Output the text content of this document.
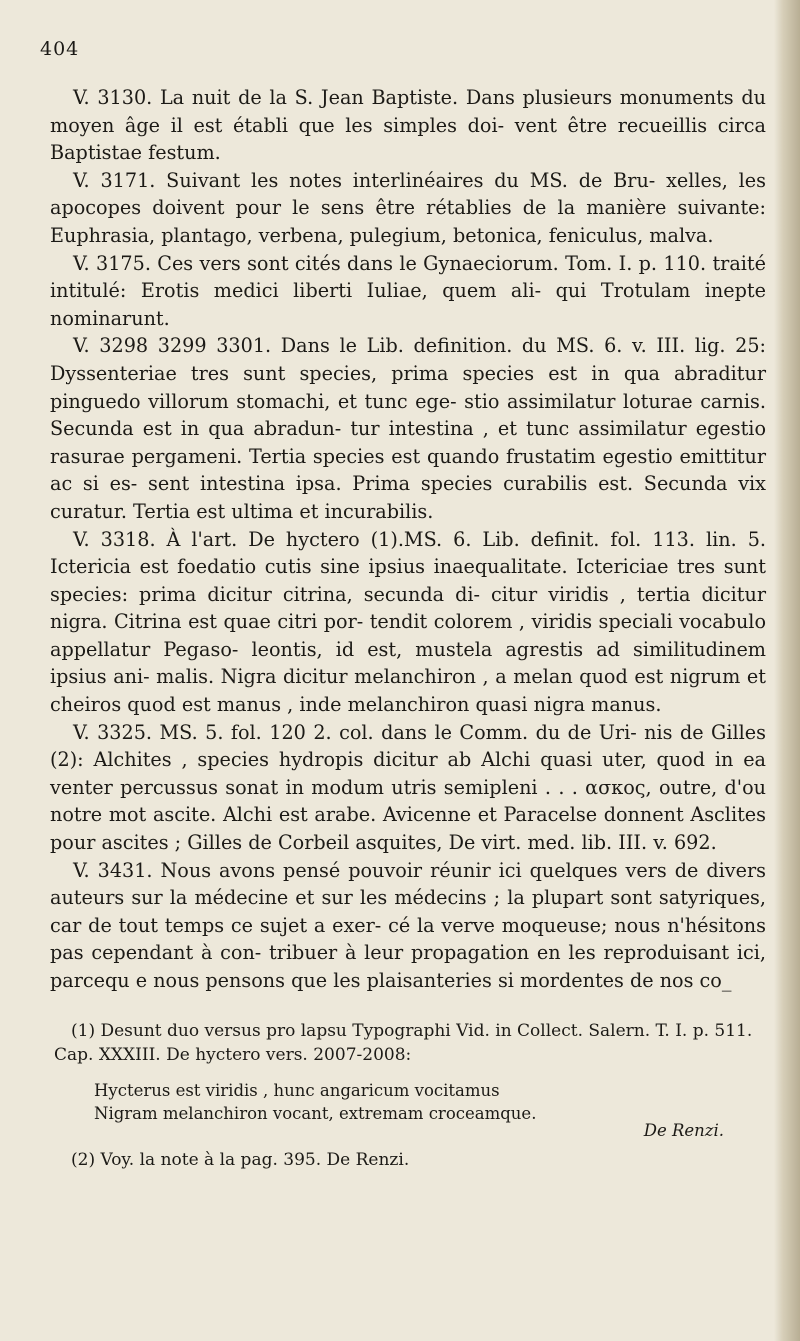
404

V. 3130. La nuit de la S. Jean Baptiste. Dans plusieurs monuments du moyen âge il est établi que les simples doi- vent être recueillis circa Baptistae festum.

V. 3171. Suivant les notes interlinéaires du MS. de Bru- xelles, les apocopes doivent pour le sens être rétablies de la manière suivante: Euphrasia, plantago, verbena, pulegium, betonica, feniculus, malva.

V. 3175. Ces vers sont cités dans le Gynaeciorum. Tom. I. p. 110. traité intitulé: Erotis medici liberti Iuliae, quem ali- qui Trotulam inepte nominarunt.

V. 3298 3299 3301. Dans le Lib. definition. du MS. 6. v. III. lig. 25: Dyssenteriae tres sunt species, prima species est in qua abraditur pinguedo villorum stomachi, et tunc ege- stio assimilatur loturae carnis. Secunda est in qua abradun- tur intestina , et tunc assimilatur egestio rasurae pergameni. Tertia species est quando frustatim egestio emittitur ac si es- sent intestina ipsa. Prima species curabilis est. Secunda vix curatur. Tertia est ultima et incurabilis.

V. 3318. À l'art. De hyctero (1).MS. 6. Lib. definit. fol. 113. lin. 5. Ictericia est foedatio cutis sine ipsius inaequalitate. Ictericiae tres sunt species: prima dicitur citrina, secunda di- citur viridis , tertia dicitur nigra. Citrina est quae citri por- tendit colorem , viridis speciali vocabulo appellatur Pegaso- leontis, id est, mustela agrestis ad similitudinem ipsius ani- malis. Nigra dicitur melanchiron , a melan quod est nigrum et cheiros quod est manus , inde melanchiron quasi nigra manus.

V. 3325. MS. 5. fol. 120 2. col. dans le Comm. du de Uri- nis de Gilles (2): Alchites , species hydropis dicitur ab Alchi quasi uter, quod in ea venter percussus sonat in modum utris semipleni . . . ασκος, outre, d'ou notre mot ascite. Alchi est arabe. Avicenne et Paracelse donnent Asclites pour ascites ; Gilles de Corbeil asquites, De virt. med. lib. III. v. 692.

V. 3431. Nous avons pensé pouvoir réunir ici quelques vers de divers auteurs sur la médecine et sur les médecins ; la plupart sont satyriques, car de tout temps ce sujet a exer- cé la verve moqueuse; nous n'hésitons pas cependant à con- tribuer à leur propagation en les reproduisant ici, parcequ e nous pensons que les plaisanteries si mordentes de nos co_

(1) Desunt duo versus pro lapsu Typographi Vid. in Collect. Salern. T. I. p. 511. Cap. XXXIII. De hyctero vers. 2007-2008:

Hycterus est viridis , hunc angaricum vocitamus
Nigram melanchiron vocant, extremam croceamque.
De Renzi.

(2) Voy. la note à la pag. 395. De Renzi.
